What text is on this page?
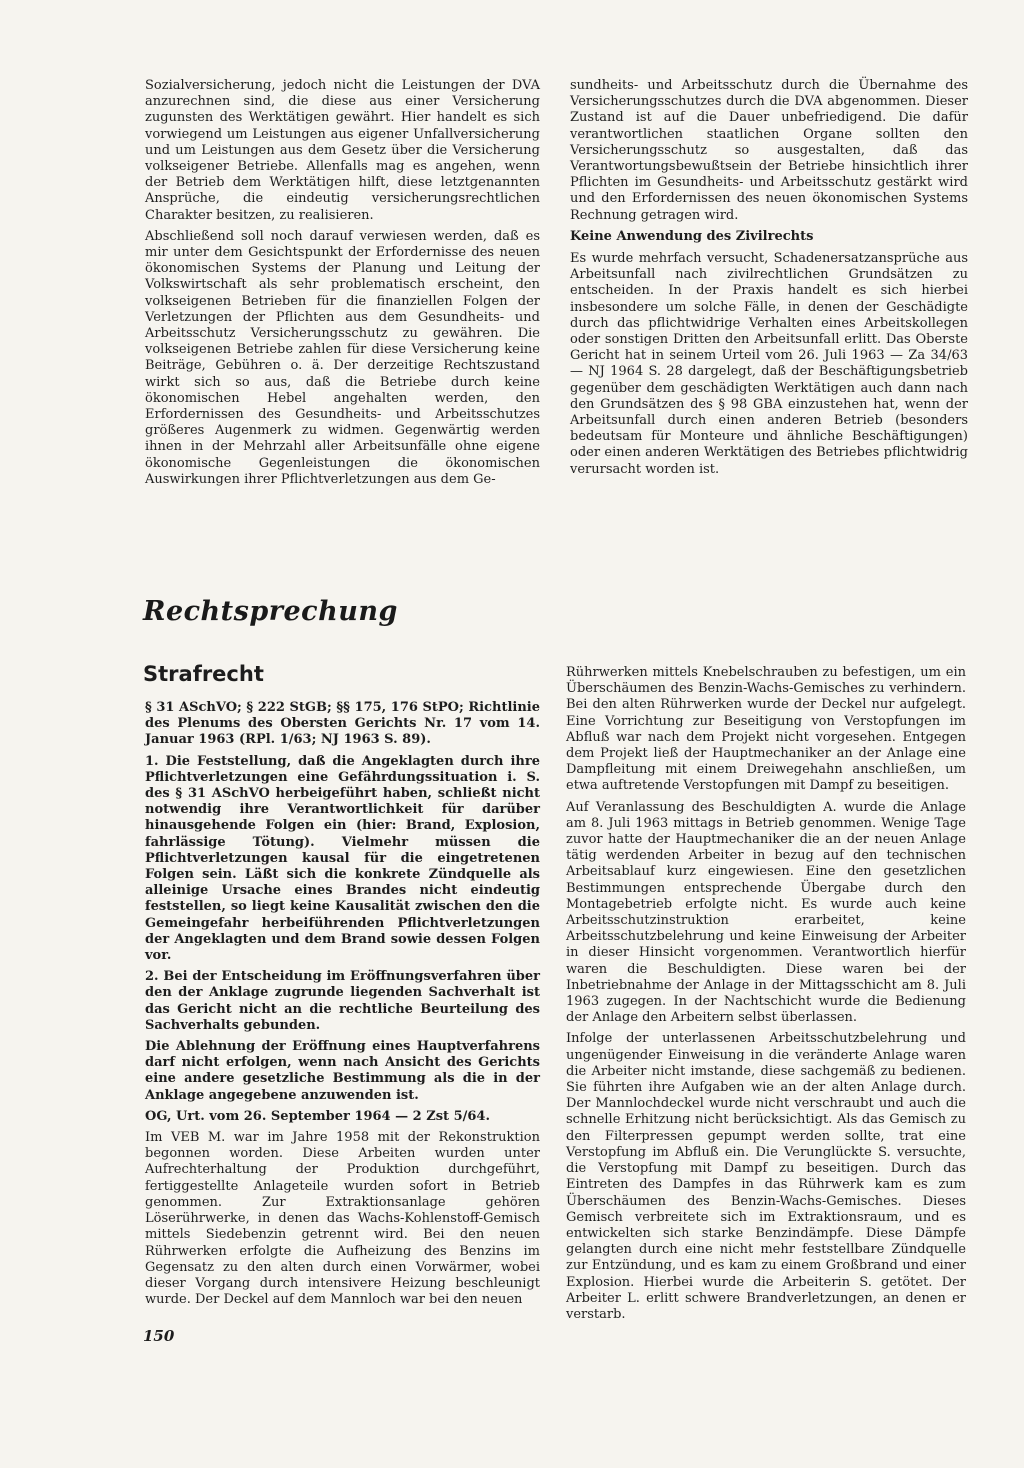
Sozialversicherung, jedoch nicht die Leistungen der DVA anzurechnen sind, die diese aus einer Versicherung zugunsten des Werktätigen gewährt. Hier handelt es sich vorwiegend um Leistungen aus eigener Unfallversicherung und um Leistungen aus dem Gesetz über die Versicherung volkseigener Betriebe. Allenfalls mag es angehen, wenn der Betrieb dem Werktätigen hilft, diese letztgenannten Ansprüche, die eindeutig versicherungsrechtlichen Charakter besitzen, zu realisieren.

Abschließend soll noch darauf verwiesen werden, daß es mir unter dem Gesichtspunkt der Erfordernisse des neuen ökonomischen Systems der Planung und Leitung der Volkswirtschaft als sehr problematisch erscheint, den volkseigenen Betrieben für die finanziellen Folgen der Verletzungen der Pflichten aus dem Gesundheits- und Arbeitsschutz Versicherungsschutz zu gewähren. Die volkseigenen Betriebe zahlen für diese Versicherung keine Beiträge, Gebühren o. ä. Der derzeitige Rechtszustand wirkt sich so aus, daß die Betriebe durch keine ökonomischen Hebel angehalten werden, den Erfordernissen des Gesundheits- und Arbeitsschutzes größeres Augenmerk zu widmen. Gegenwärtig werden ihnen in der Mehrzahl aller Arbeitsunfälle ohne eigene ökonomische Gegenleistungen die ökonomischen Auswirkungen ihrer Pflichtverletzungen aus dem Ge-

sundheits- und Arbeitsschutz durch die Übernahme des Versicherungsschutzes durch die DVA abgenommen. Dieser Zustand ist auf die Dauer unbefriedigend. Die dafür verantwortlichen staatlichen Organe sollten den Versicherungsschutz so ausgestalten, daß das Verantwortungsbewußtsein der Betriebe hinsichtlich ihrer Pflichten im Gesundheits- und Arbeitsschutz gestärkt wird und den Erfordernissen des neuen ökonomischen Systems Rechnung getragen wird.

Keine Anwendung des Zivilrechts

Es wurde mehrfach versucht, Schadenersatzansprüche aus Arbeitsunfall nach zivilrechtlichen Grundsätzen zu entscheiden. In der Praxis handelt es sich hierbei insbesondere um solche Fälle, in denen der Geschädigte durch das pflichtwidrige Verhalten eines Arbeitskollegen oder sonstigen Dritten den Arbeitsunfall erlitt. Das Oberste Gericht hat in seinem Urteil vom 26. Juli 1963 — Za 34/63 — NJ 1964 S. 28 dargelegt, daß der Beschäftigungsbetrieb gegenüber dem geschädigten Werktätigen auch dann nach den Grundsätzen des § 98 GBA einzustehen hat, wenn der Arbeitsunfall durch einen anderen Betrieb (besonders bedeutsam für Monteure und ähnliche Beschäftigungen) oder einen anderen Werktätigen des Betriebes pflichtwidrig verursacht worden ist.

Rechtsprechung
Strafrecht

§ 31 ASchVO; § 222 StGB; §§ 175, 176 StPO; Richtlinie des Plenums des Obersten Gerichts Nr. 17 vom 14. Januar 1963 (RPl. 1/63; NJ 1963 S. 89).

1. Die Feststellung, daß die Angeklagten durch ihre Pflichtverletzungen eine Gefährdungssituation i. S. des § 31 ASchVO herbeigeführt haben, schließt nicht notwendig ihre Verantwortlichkeit für darüber hinausgehende Folgen ein (hier: Brand, Explosion, fahrlässige Tötung). Vielmehr müssen die Pflichtverletzungen kausal für die eingetretenen Folgen sein. Läßt sich die konkrete Zündquelle als alleinige Ursache eines Brandes nicht eindeutig feststellen, so liegt keine Kausalität zwischen den die Gemeingefahr herbeiführenden Pflichtverletzungen der Angeklagten und dem Brand sowie dessen Folgen vor.

2. Bei der Entscheidung im Eröffnungsverfahren über den der Anklage zugrunde liegenden Sachverhalt ist das Gericht nicht an die rechtliche Beurteilung des Sachverhalts gebunden.

Die Ablehnung der Eröffnung eines Hauptverfahrens darf nicht erfolgen, wenn nach Ansicht des Gerichts eine andere gesetzliche Bestimmung als die in der Anklage angegebene anzuwenden ist.

OG, Urt. vom 26. September 1964 — 2 Zst 5/64.

Im VEB M. war im Jahre 1958 mit der Rekonstruktion begonnen worden. Diese Arbeiten wurden unter Aufrechterhaltung der Produktion durchgeführt, fertiggestellte Anlageteile wurden sofort in Betrieb genommen. Zur Extraktionsanlage gehören Löserührwerke, in denen das Wachs-Kohlenstoff-Gemisch mittels Siedebenzin getrennt wird. Bei den neuen Rührwerken erfolgte die Aufheizung des Benzins im Gegensatz zu den alten durch einen Vorwärmer, wobei dieser Vorgang durch intensivere Heizung beschleunigt wurde. Der Deckel auf dem Mannloch war bei den neuen

Rührwerken mittels Knebelschrauben zu befestigen, um ein Überschäumen des Benzin-Wachs-Gemisches zu verhindern. Bei den alten Rührwerken wurde der Deckel nur aufgelegt. Eine Vorrichtung zur Beseitigung von Verstopfungen im Abfluß war nach dem Projekt nicht vorgesehen. Entgegen dem Projekt ließ der Hauptmechaniker an der Anlage eine Dampfleitung mit einem Dreiwegehahn anschließen, um etwa auftretende Verstopfungen mit Dampf zu beseitigen.

Auf Veranlassung des Beschuldigten A. wurde die Anlage am 8. Juli 1963 mittags in Betrieb genommen. Wenige Tage zuvor hatte der Hauptmechaniker die an der neuen Anlage tätig werdenden Arbeiter in bezug auf den technischen Arbeitsablauf kurz eingewiesen. Eine den gesetzlichen Bestimmungen entsprechende Übergabe durch den Montagebetrieb erfolgte nicht. Es wurde auch keine Arbeitsschutzinstruktion erarbeitet, keine Arbeitsschutzbelehrung und keine Einweisung der Arbeiter in dieser Hinsicht vorgenommen. Verantwortlich hierfür waren die Beschuldigten. Diese waren bei der Inbetriebnahme der Anlage in der Mittagsschicht am 8. Juli 1963 zugegen. In der Nachtschicht wurde die Bedienung der Anlage den Arbeitern selbst überlassen.

Infolge der unterlassenen Arbeitsschutzbelehrung und ungenügender Einweisung in die veränderte Anlage waren die Arbeiter nicht imstande, diese sachgemäß zu bedienen. Sie führten ihre Aufgaben wie an der alten Anlage durch. Der Mannlochdeckel wurde nicht verschraubt und auch die schnelle Erhitzung nicht berücksichtigt. Als das Gemisch zu den Filterpressen gepumpt werden sollte, trat eine Verstopfung im Abfluß ein. Die Verunglückte S. versuchte, die Verstopfung mit Dampf zu beseitigen. Durch das Eintreten des Dampfes in das Rührwerk kam es zum Überschäumen des Benzin-Wachs-Gemisches. Dieses Gemisch verbreitete sich im Extraktionsraum, und es entwickelten sich starke Benzindämpfe. Diese Dämpfe gelangten durch eine nicht mehr feststellbare Zündquelle zur Entzündung, und es kam zu einem Großbrand und einer Explosion. Hierbei wurde die Arbeiterin S. getötet. Der Arbeiter L. erlitt schwere Brandverletzungen, an denen er verstarb.

150
